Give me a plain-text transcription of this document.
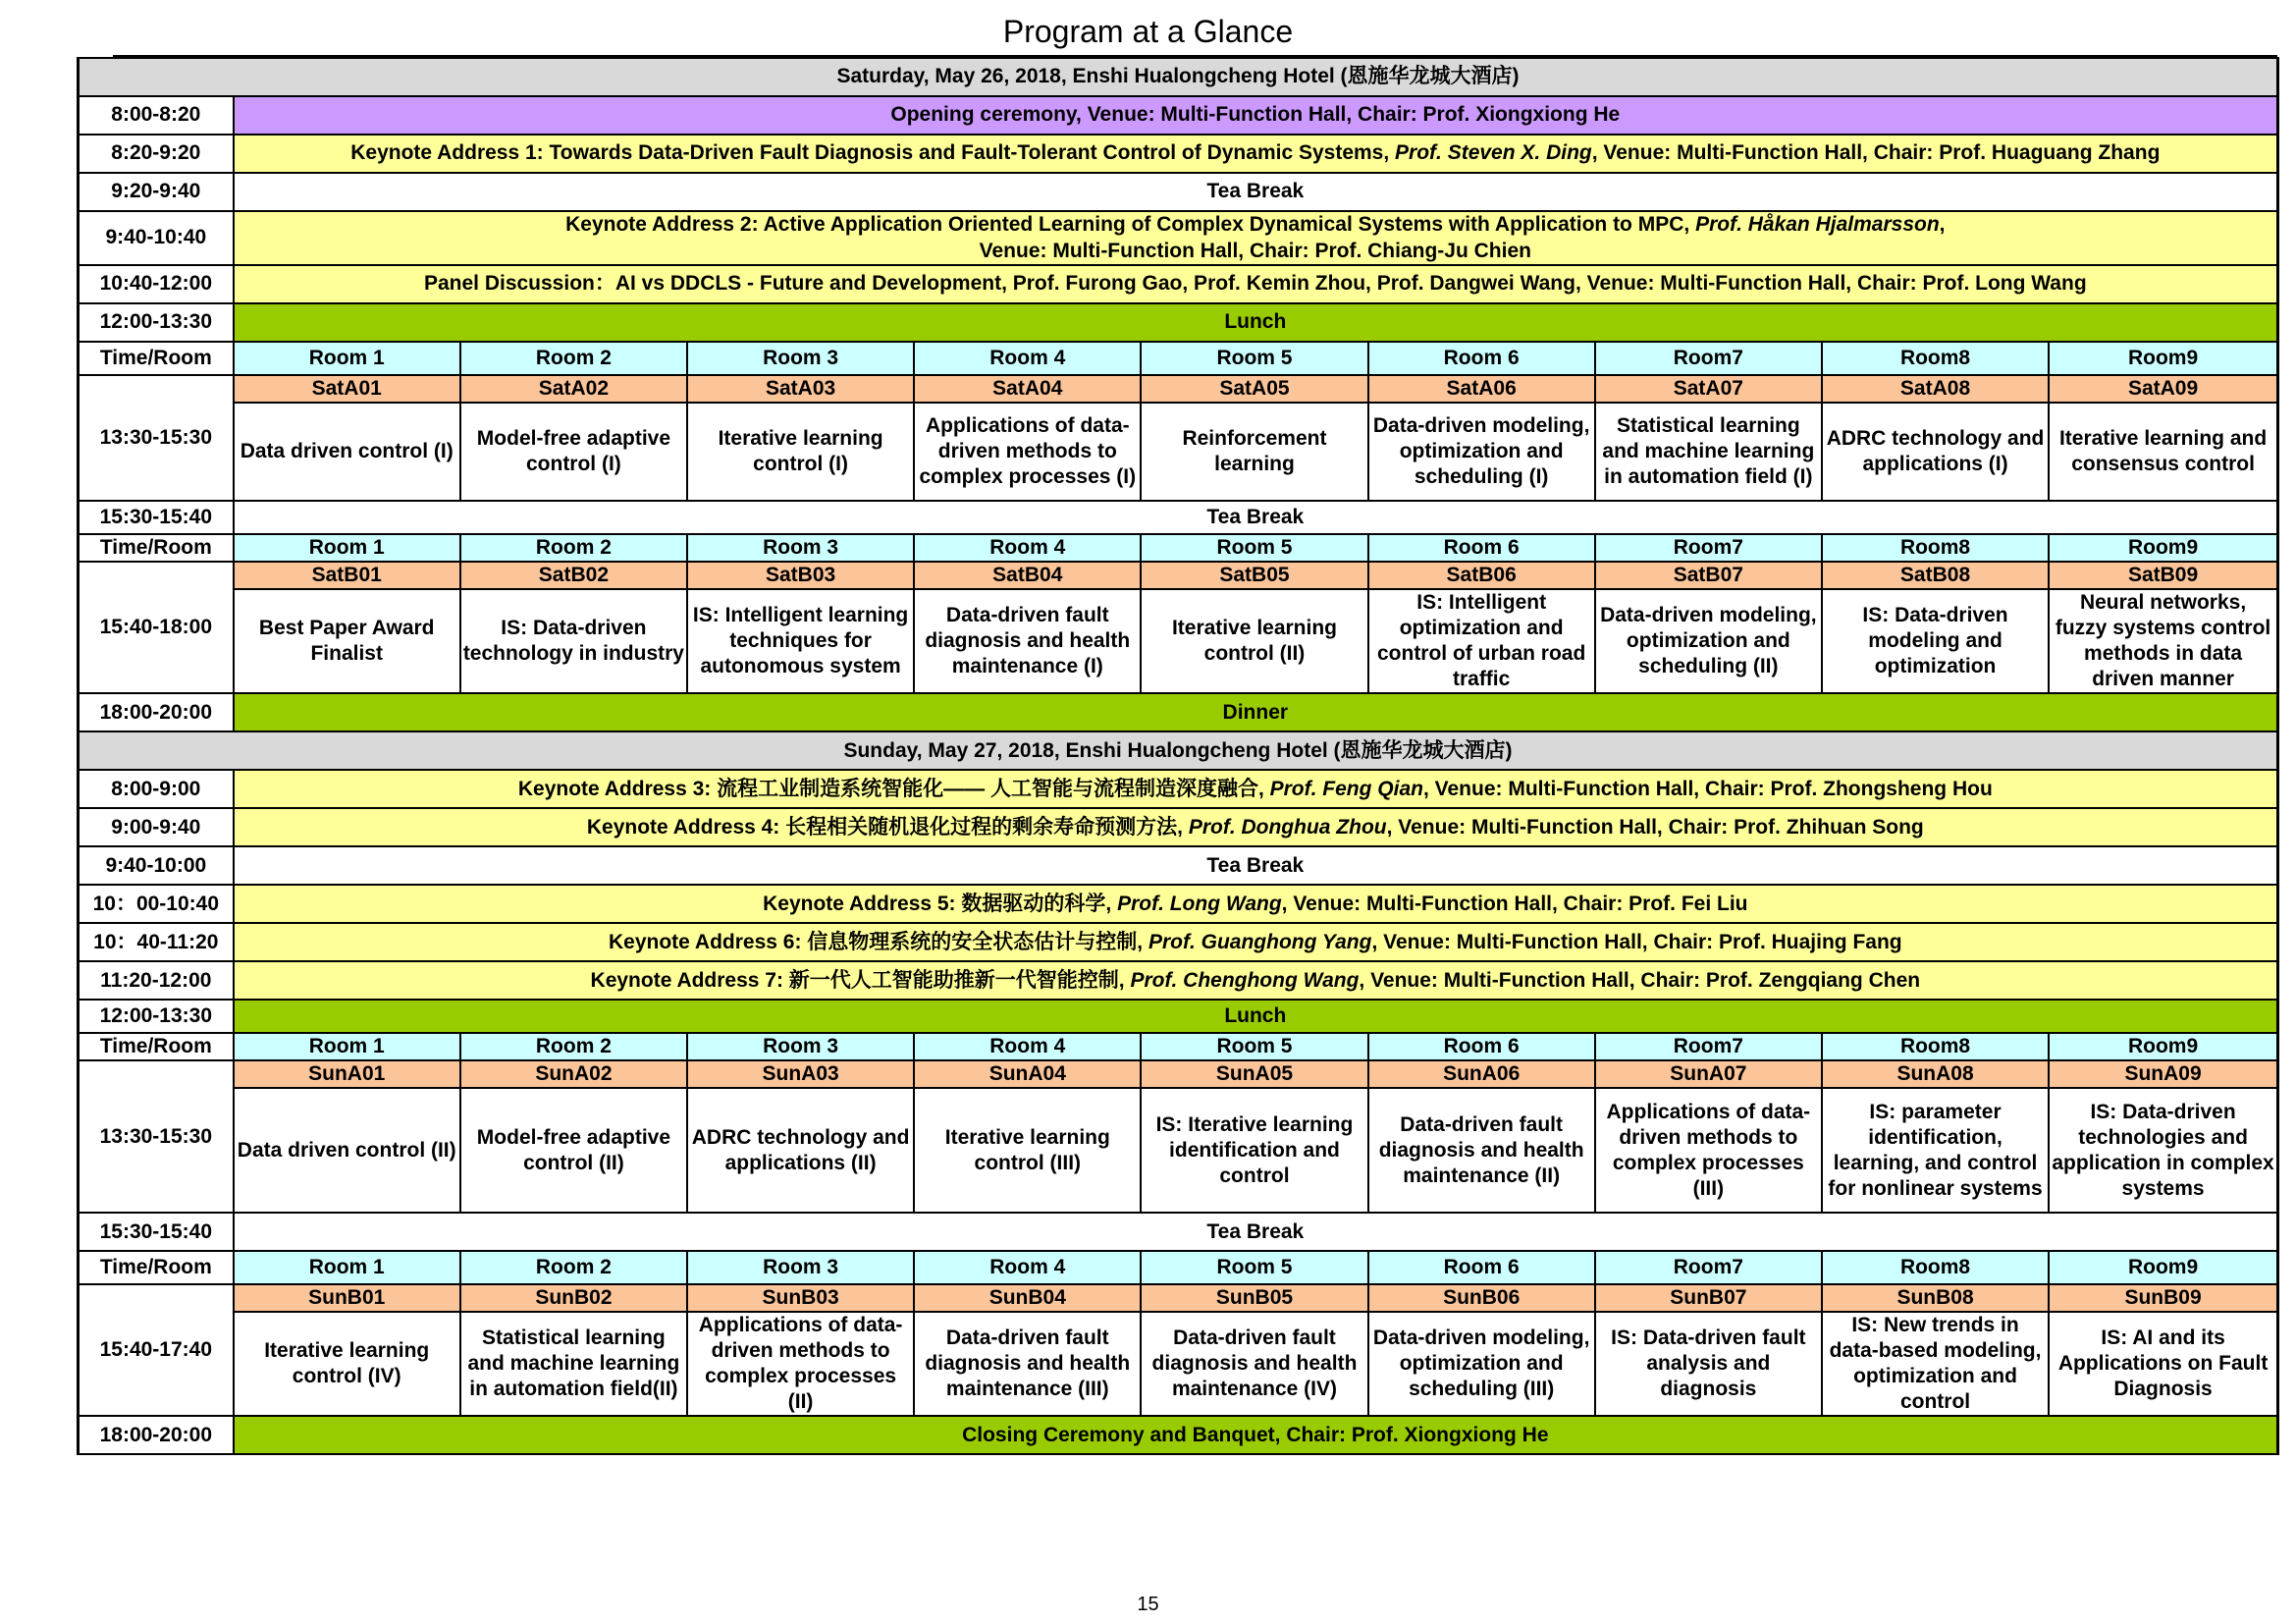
Program at a Glance
Saturday, May 26, 2018, Enshi Hualongcheng Hotel (恩施华龙城大酒店)									
8:00-8:20	Opening ceremony, Venue: Multi-Function Hall, Chair: Prof. Xiongxiong He								
8:20-9:20	Keynote Address 1: Towards Data-Driven Fault Diagnosis and Fault-Tolerant Control of Dynamic Systems, Prof. Steven X. Ding, Venue: Multi-Function Hall, Chair: Prof. Huaguang Zhang								
9:20-9:40	Tea Break								
9:40-10:40	Keynote Address 2: Active Application Oriented Learning of Complex Dynamical Systems with Application to MPC, Prof. Håkan Hjalmarsson,
Venue: Multi-Function Hall, Chair: Prof. Chiang-Ju Chien								
10:40-12:00	Panel Discussion：AI vs DDCLS - Future and Development, Prof. Furong Gao, Prof. Kemin Zhou, Prof. Dangwei Wang, Venue: Multi-Function Hall, Chair: Prof. Long Wang								
12:00-13:30	Lunch								
Time/Room	Room 1	Room 2	Room 3	Room 4	Room 5	Room 6	Room7	Room8	Room9
13:30-15:30	SatA01	SatA02	SatA03	SatA04	SatA05	SatA06	SatA07	SatA08	SatA09
	Data driven control (I)	Model-free adaptive control (I)	Iterative learning control (I)	Applications of data-driven methods to complex processes (I)	Reinforcement learning	Data-driven modeling, optimization and scheduling (I)	Statistical learning and machine learning in automation field (I)	ADRC technology and applications (I)	Iterative learning and consensus control
15:30-15:40	Tea Break								
Time/Room	Room 1	Room 2	Room 3	Room 4	Room 5	Room 6	Room7	Room8	Room9
15:40-18:00	SatB01	SatB02	SatB03	SatB04	SatB05	SatB06	SatB07	SatB08	SatB09
	Best Paper Award Finalist	IS: Data-driven technology in industry	IS: Intelligent learning techniques for autonomous system	Data-driven fault diagnosis and health maintenance (I)	Iterative learning control (II)	IS: Intelligent optimization and control of urban road traffic	Data-driven modeling, optimization and scheduling (II)	IS: Data-driven modeling and optimization	Neural networks, fuzzy systems control methods in data driven manner
18:00-20:00	Dinner								
Sunday, May 27, 2018, Enshi Hualongcheng Hotel (恩施华龙城大酒店)									
8:00-9:00	Keynote Address 3: 流程工业制造系统智能化—— 人工智能与流程制造深度融合, Prof. Feng Qian, Venue: Multi-Function Hall, Chair: Prof. Zhongsheng Hou								
9:00-9:40	Keynote Address 4: 长程相关随机退化过程的剩余寿命预测方法, Prof. Donghua Zhou, Venue: Multi-Function Hall, Chair: Prof. Zhihuan Song								
9:40-10:00	Tea Break								
10：00-10:40	Keynote Address 5: 数据驱动的科学, Prof. Long Wang, Venue: Multi-Function Hall, Chair: Prof. Fei Liu								
10：40-11:20	Keynote Address 6: 信息物理系统的安全状态估计与控制, Prof. Guanghong Yang, Venue: Multi-Function Hall, Chair: Prof. Huajing Fang								
11:20-12:00	Keynote Address 7: 新一代人工智能助推新一代智能控制, Prof. Chenghong Wang, Venue: Multi-Function Hall, Chair: Prof. Zengqiang Chen								
12:00-13:30	Lunch								
Time/Room	Room 1	Room 2	Room 3	Room 4	Room 5	Room 6	Room7	Room8	Room9
13:30-15:30	SunA01	SunA02	SunA03	SunA04	SunA05	SunA06	SunA07	SunA08	SunA09
	Data driven control (II)	Model-free adaptive control (II)	ADRC technology and applications (II)	Iterative learning control (III)	IS: Iterative learning identification and control	Data-driven fault diagnosis and health maintenance (II)	Applications of data-driven methods to complex processes (III)	IS: parameter identification, learning, and control for nonlinear systems	IS: Data-driven technologies and application in complex systems
15:30-15:40	Tea Break								
Time/Room	Room 1	Room 2	Room 3	Room 4	Room 5	Room 6	Room7	Room8	Room9
15:40-17:40	SunB01	SunB02	SunB03	SunB04	SunB05	SunB06	SunB07	SunB08	SunB09
	Iterative learning control (IV)	Statistical learning and machine learning in automation field(II)	Applications of data-driven methods to complex processes (II)	Data-driven fault diagnosis and health maintenance (III)	Data-driven fault diagnosis and health maintenance (IV)	Data-driven modeling, optimization and scheduling (III)	IS: Data-driven fault analysis and diagnosis	IS: New trends in data-based modeling, optimization and control	IS: AI and its Applications on Fault Diagnosis
18:00-20:00	Closing Ceremony and Banquet, Chair: Prof. Xiongxiong He								
15
